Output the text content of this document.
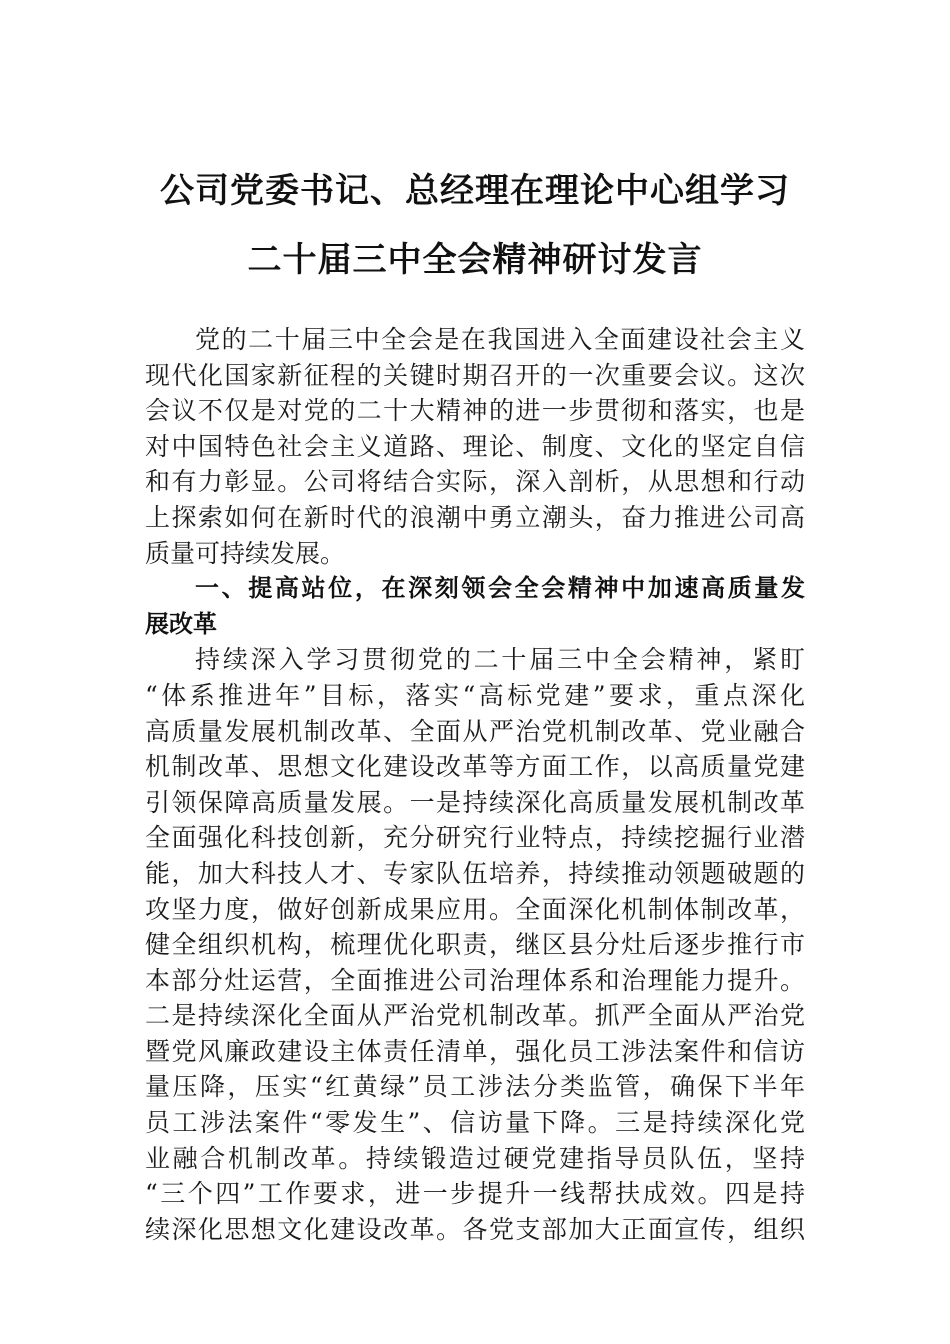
公司党委书记、总经理在理论中心组学习
二十届三中全会精神研讨发言
党的二十届三中全会是在我国进入全面建设社会主义
现代化国家新征程的关键时期召开的一次重要会议。这次
会议不仅是对党的二十大精神的进一步贯彻和落实，也是
对中国特色社会主义道路、理论、制度、文化的坚定自信
和有力彰显。公司将结合实际，深入剖析，从思想和行动
上探索如何在新时代的浪潮中勇立潮头，奋力推进公司高
质量可持续发展。
一、提高站位，在深刻领会全会精神中加速高质量发
展改革
持续深入学习贯彻党的二十届三中全会精神，紧盯
“体系推进年”目标，落实“高标党建”要求，重点深化
高质量发展机制改革、全面从严治党机制改革、党业融合
机制改革、思想文化建设改革等方面工作，以高质量党建
引领保障高质量发展。一是持续深化高质量发展机制改革
全面强化科技创新，充分研究行业特点，持续挖掘行业潜
能，加大科技人才、专家队伍培养，持续推动领题破题的
攻坚力度，做好创新成果应用。全面深化机制体制改革，
健全组织机构，梳理优化职责，继区县分灶后逐步推行市
本部分灶运营，全面推进公司治理体系和治理能力提升。
二是持续深化全面从严治党机制改革。抓严全面从严治党
暨党风廉政建设主体责任清单，强化员工涉法案件和信访
量压降，压实“红黄绿”员工涉法分类监管，确保下半年
员工涉法案件“零发生”、信访量下降。三是持续深化党
业融合机制改革。持续锻造过硬党建指导员队伍，坚持
“三个四”工作要求，进一步提升一线帮扶成效。四是持
续深化思想文化建设改革。各党支部加大正面宣传，组织
